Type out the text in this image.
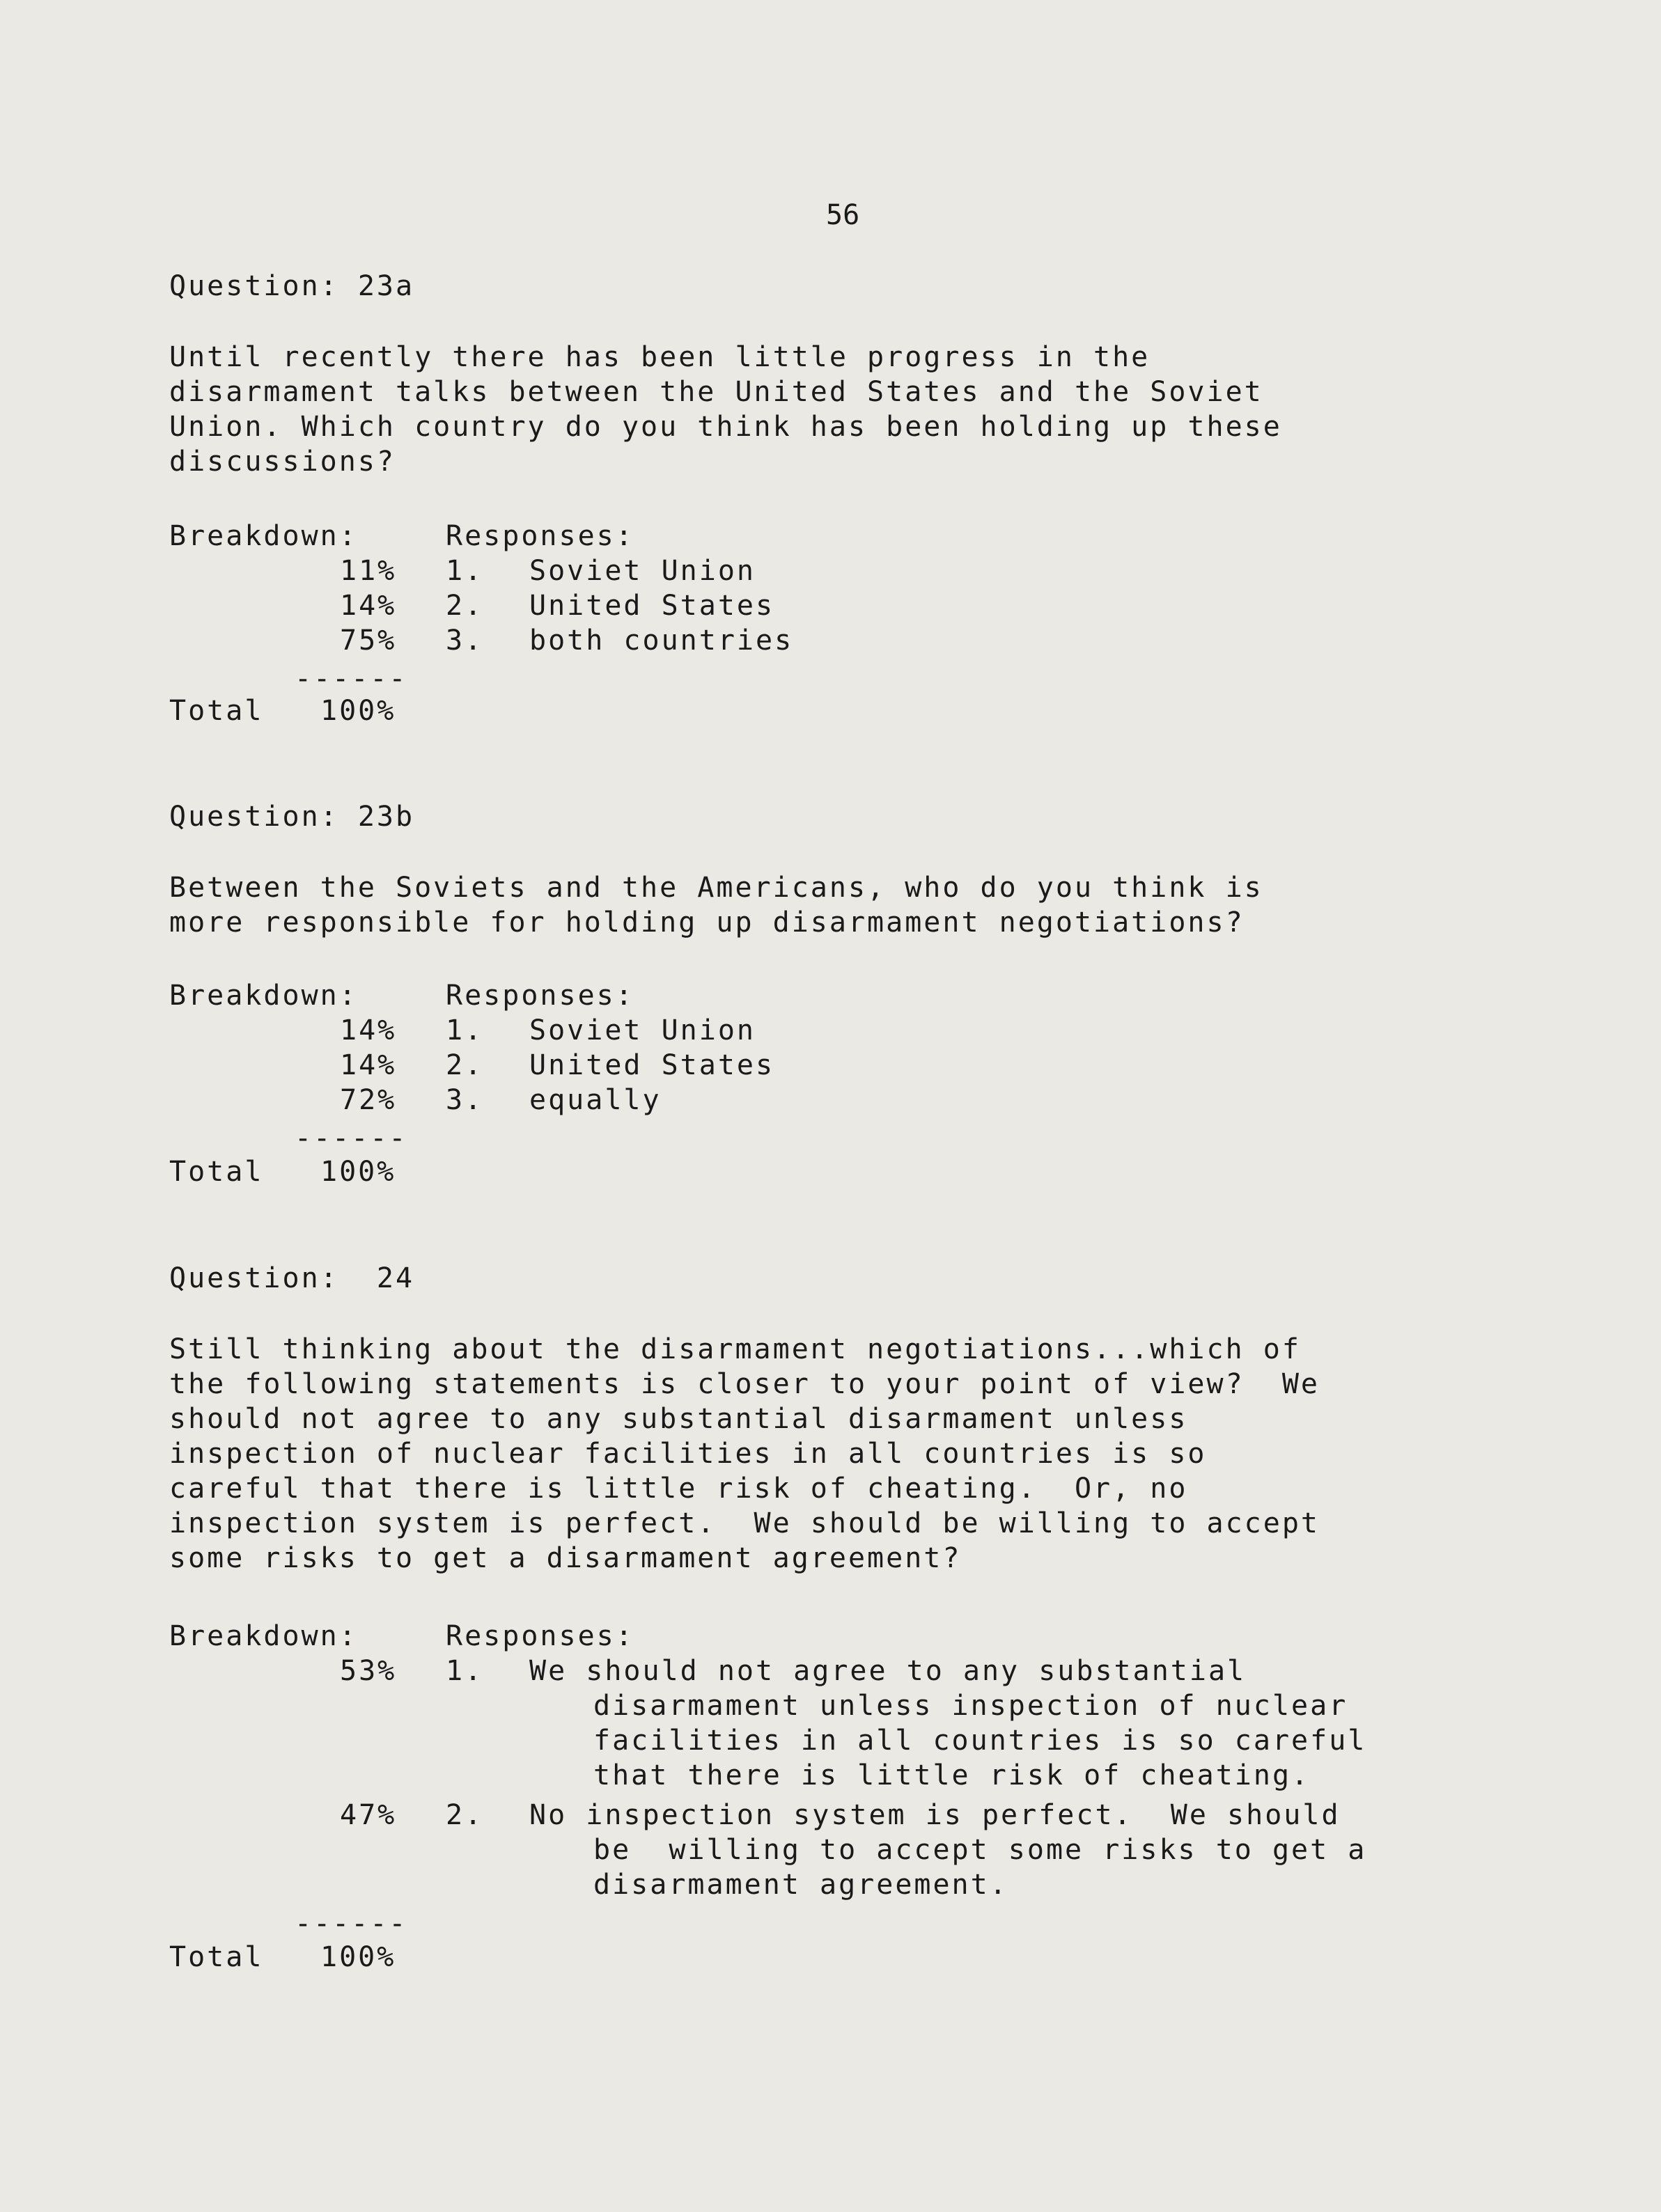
56
Question: 23a
Until recently there has been little progress in the
disarmament talks between the United States and the Soviet
Union. Which country do you think has been holding up these
discussions?
Breakdown:	Responses:
11% 1. Soviet Union
14% 2. United States
75% 3. both countries
------
Total 100%
Question: 23b
Between the Soviets and the Americans, who do you think is
more responsible for holding up disarmament negotiations?
Breakdown:	Responses:
14% 1. Soviet Union
14% 2. United States
72% 3. equally
------
Total 100%
Question:  24
Still thinking about the disarmament negotiations...which of
the following statements is closer to your point of view?  We
should not agree to any substantial disarmament unless
inspection of nuclear facilities in all countries is so
careful that there is little risk of cheating.  Or, no
inspection system is perfect.  We should be willing to accept
some risks to get a disarmament agreement?
Breakdown:	Responses:
53% 1. We should not agree to any substantial
disarmament unless inspection of nuclear
facilities in all countries is so careful
that there is little risk of cheating.
47% 2. No inspection system is perfect.  We should
be  willing to accept some risks to get a
disarmament agreement.
------
Total 100%
